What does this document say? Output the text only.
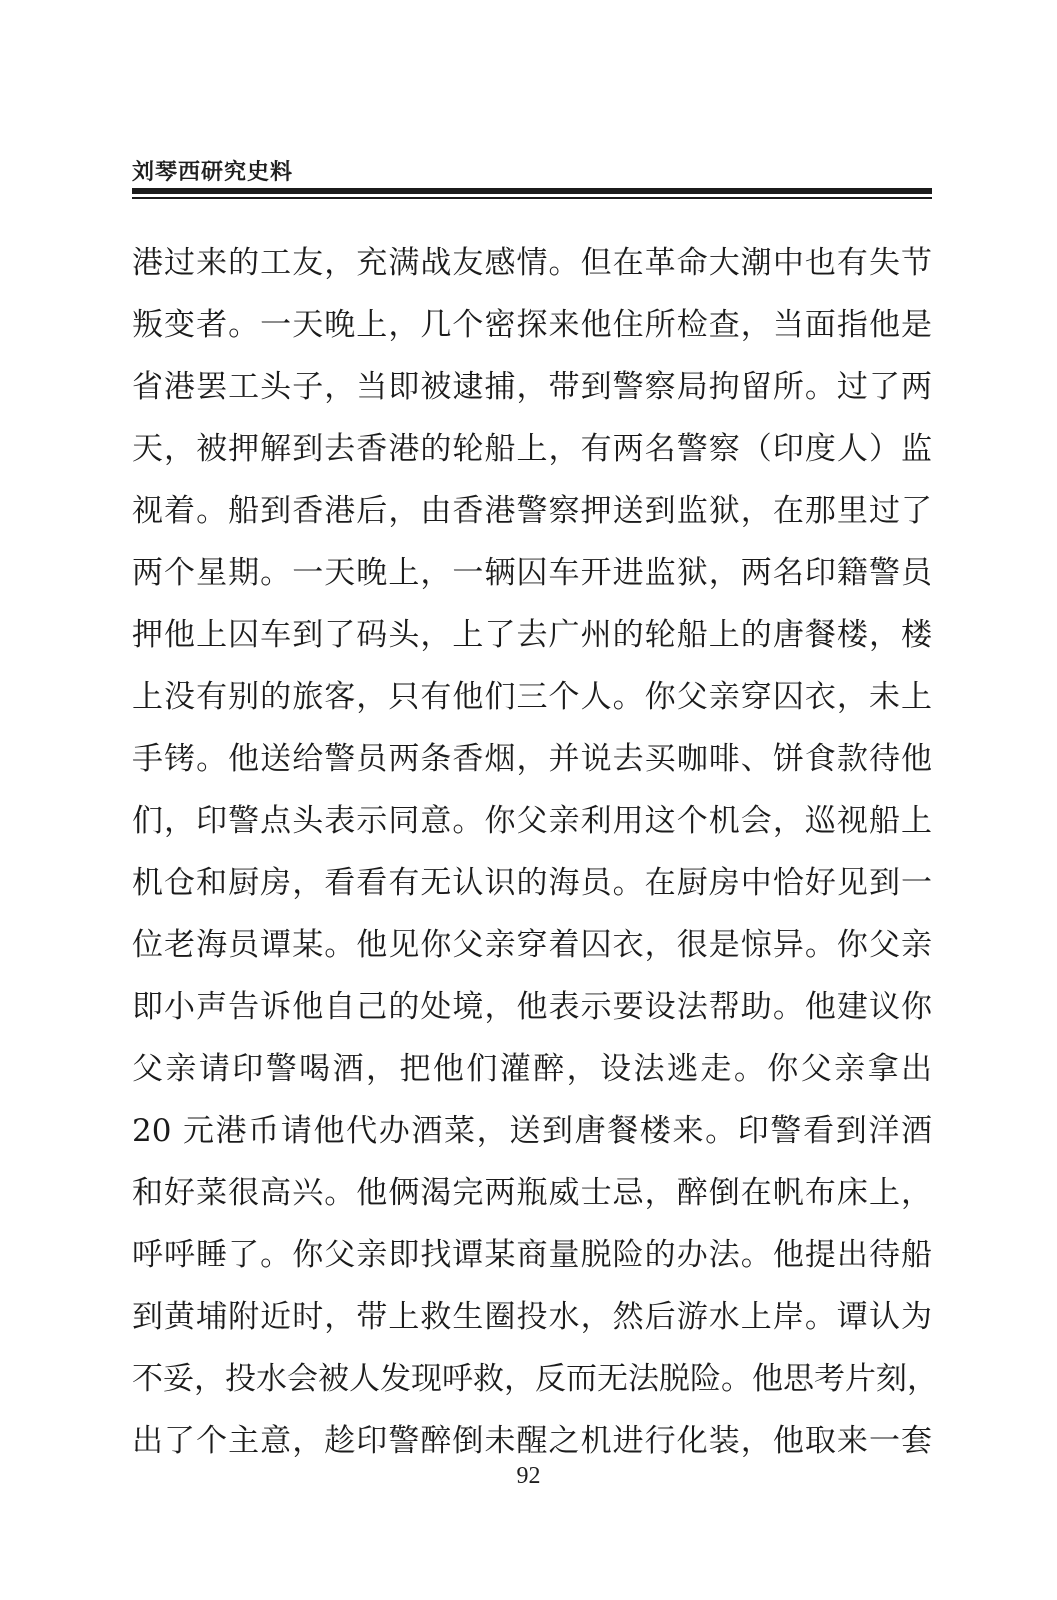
刘琴西研究史料
港过来的工友，充满战友感情。但在革命大潮中也有失节
叛变者。一天晚上，几个密探来他住所检查，当面指他是
省港罢工头子，当即被逮捕，带到警察局拘留所。过了两
天，被押解到去香港的轮船上，有两名警察（印度人）监
视着。船到香港后，由香港警察押送到监狱，在那里过了
两个星期。一天晚上，一辆囚车开进监狱，两名印籍警员
押他上囚车到了码头，上了去广州的轮船上的唐餐楼，楼
上没有别的旅客，只有他们三个人。你父亲穿囚衣，未上
手铐。他送给警员两条香烟，并说去买咖啡、饼食款待他
们，印警点头表示同意。你父亲利用这个机会，巡视船上
机仓和厨房，看看有无认识的海员。在厨房中恰好见到一
位老海员谭某。他见你父亲穿着囚衣，很是惊异。你父亲
即小声告诉他自己的处境，他表示要设法帮助。他建议你
父亲请印警喝酒，把他们灌醉，设法逃走。你父亲拿出
20 元港币请他代办酒菜，送到唐餐楼来。印警看到洋酒
和好菜很高兴。他俩渴完两瓶威士忌，醉倒在帆布床上，
呼呼睡了。你父亲即找谭某商量脱险的办法。他提出待船
到黄埔附近时，带上救生圈投水，然后游水上岸。谭认为
不妥，投水会被人发现呼救，反而无法脱险。他思考片刻，
出了个主意，趁印警醉倒未醒之机进行化装，他取来一套
92
